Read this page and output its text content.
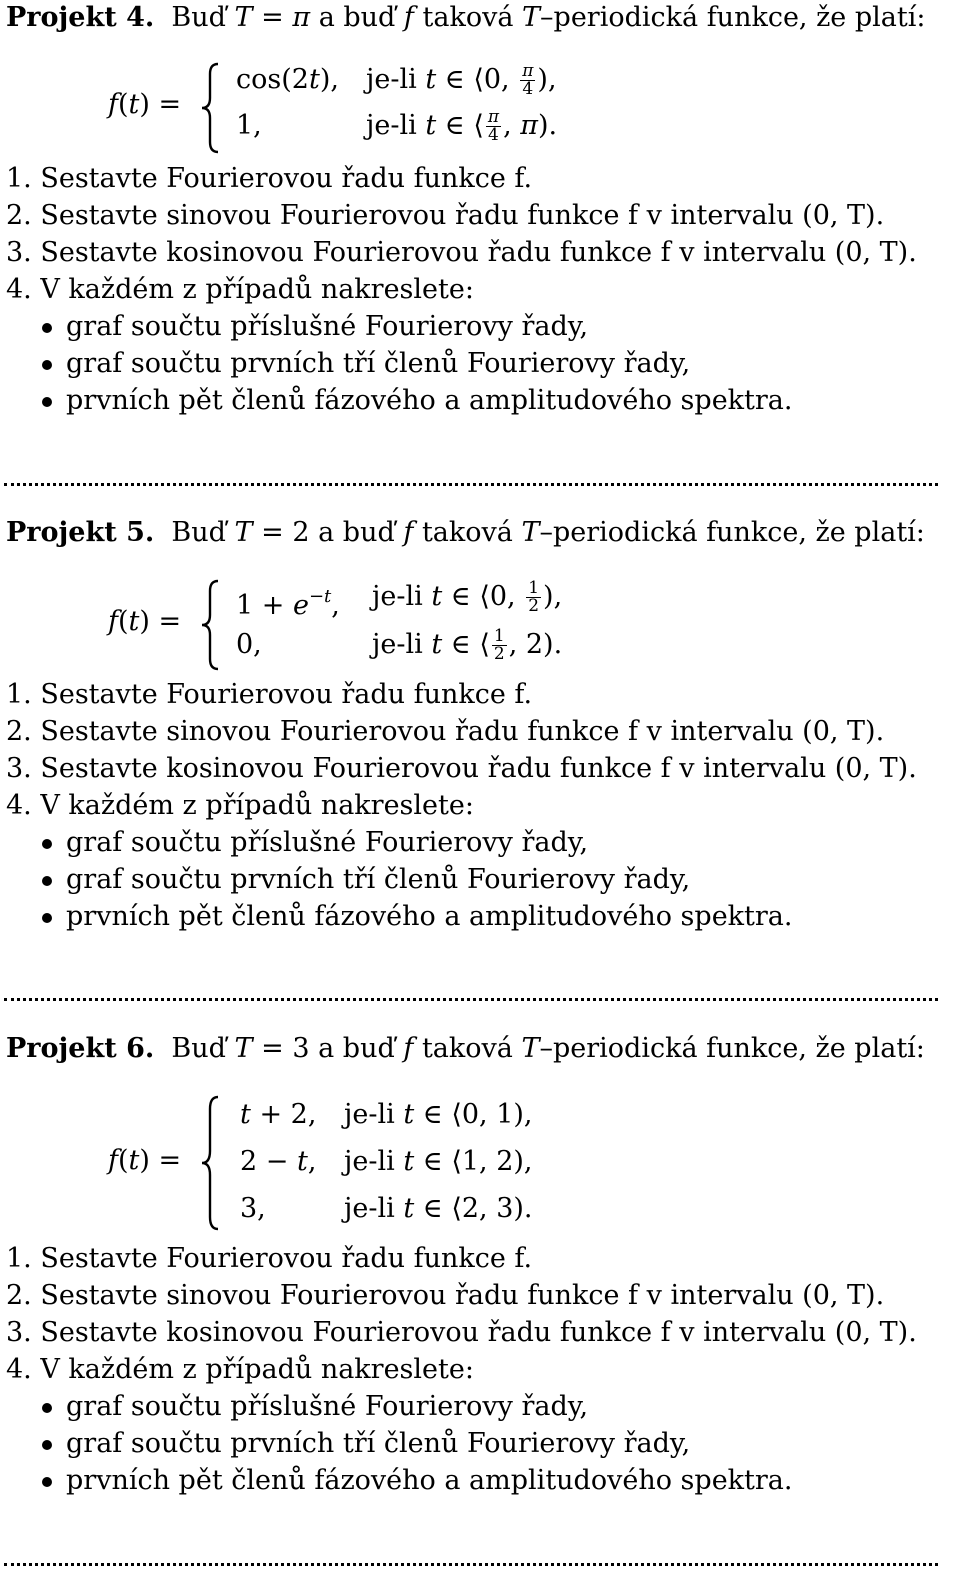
Projekt 4. Buď T = π a buď f taková T–periodická funkce, že platí:
f(t) =
cos(2t), je-li t ∈ ⟨0, $\frac{\pi}{4}$ ),
1,	je-li t ∈ ⟨ $\frac{\pi}{4}$ , π).
1. Sestavte Fourierovou řadu funkce f.
2. Sestavte sinovou Fourierovou řadu funkce f v intervalu (0, T).
3. Sestavte kosinovou Fourierovou řadu funkce f v intervalu (0, T).
4. V každém z případů nakreslete:
graf součtu příslušné Fourierovy řady,
graf součtu prvních tří členů Fourierovy řady,
prvních pět členů fázového a amplitudového spektra.
Projekt 5. Buď T = 2 a buď f taková T–periodická funkce, že platí:
f(t) =
$1 + e^{-t}$, je-li t ∈ ⟨0, $\frac{1}{2}$ ),
0,	je-li t ∈ ⟨ $\frac{1}{2}$ , 2).
1. Sestavte Fourierovou řadu funkce f.
2. Sestavte sinovou Fourierovou řadu funkce f v intervalu (0, T).
3. Sestavte kosinovou Fourierovou řadu funkce f v intervalu (0, T).
4. V každém z případů nakreslete:
graf součtu příslušné Fourierovy řady,
graf součtu prvních tří členů Fourierovy řady,
prvních pět členů fázového a amplitudového spektra.
Projekt 6. Buď T = 3 a buď f taková T–periodická funkce, že platí:
f(t) =
t + 2, je-li t ∈ ⟨0, 1),
2 − t, je-li t ∈ ⟨1, 2),
3,	je-li t ∈ ⟨2, 3).
1. Sestavte Fourierovou řadu funkce f.
2. Sestavte sinovou Fourierovou řadu funkce f v intervalu (0, T).
3. Sestavte kosinovou Fourierovou řadu funkce f v intervalu (0, T).
4. V každém z případů nakreslete:
graf součtu příslušné Fourierovy řady,
graf součtu prvních tří členů Fourierovy řady,
prvních pět členů fázového a amplitudového spektra.
